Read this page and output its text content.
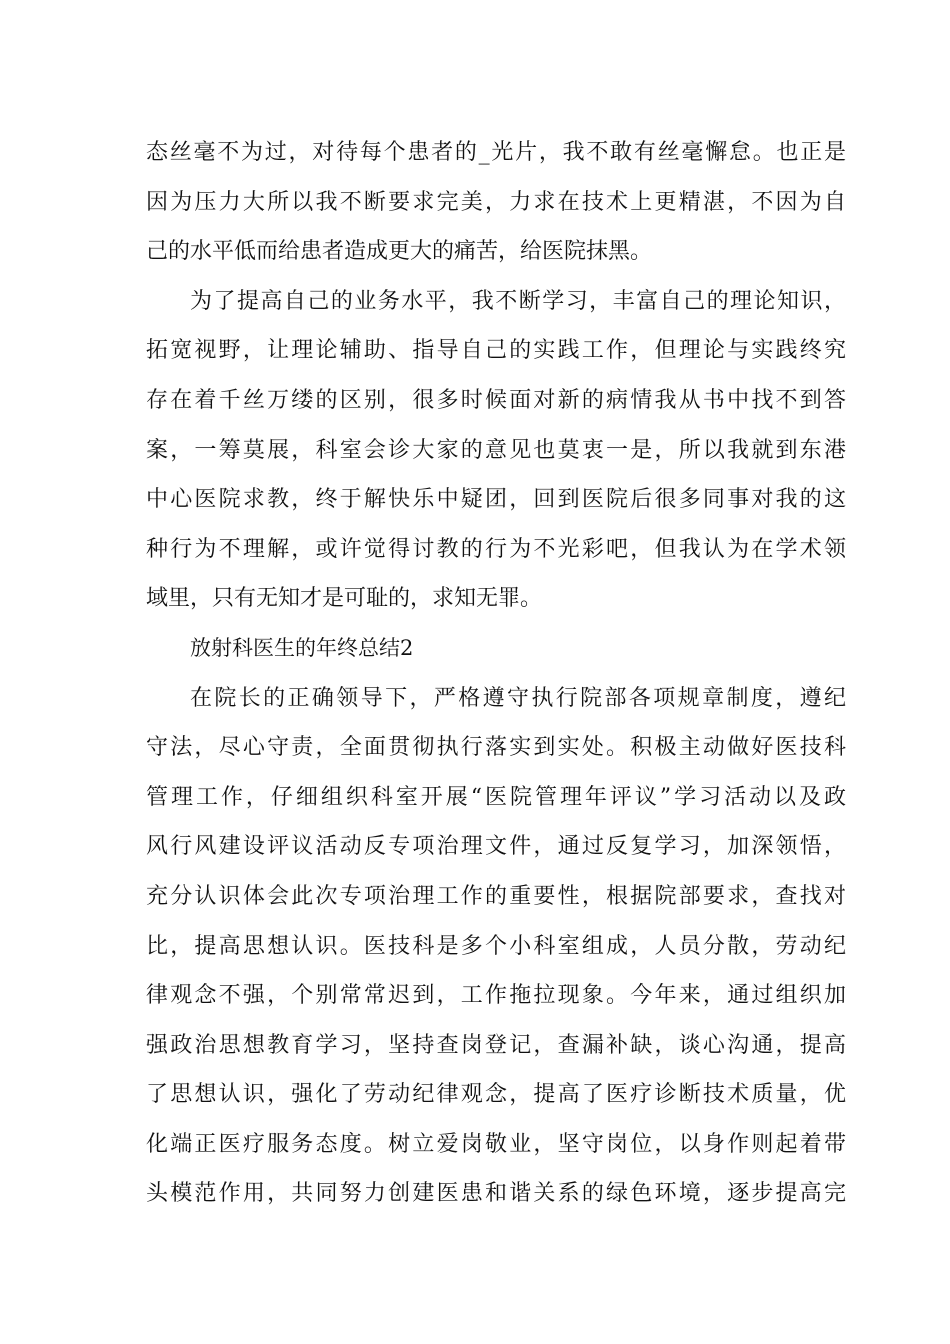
态丝毫不为过，对待每个患者的_光片，我不敢有丝毫懈怠。也正是
因为压力大所以我不断要求完美，力求在技术上更精湛，不因为自
己的水平低而给患者造成更大的痛苦，给医院抹黑。
为了提高自己的业务水平，我不断学习，丰富自己的理论知识，
拓宽视野，让理论辅助、指导自己的实践工作，但理论与实践终究
存在着千丝万缕的区别，很多时候面对新的病情我从书中找不到答
案，一筹莫展，科室会诊大家的意见也莫衷一是，所以我就到东港
中心医院求教，终于解快乐中疑团，回到医院后很多同事对我的这
种行为不理解，或许觉得讨教的行为不光彩吧，但我认为在学术领
域里，只有无知才是可耻的，求知无罪。
放射科医生的年终总结2
在院长的正确领导下，严格遵守执行院部各项规章制度，遵纪
守法，尽心守责，全面贯彻执行落实到实处。积极主动做好医技科
管理工作，仔细组织科室开展“医院管理年评议”学习活动以及政
风行风建设评议活动反专项治理文件，通过反复学习，加深领悟，
充分认识体会此次专项治理工作的重要性，根据院部要求，查找对
比，提高思想认识。医技科是多个小科室组成，人员分散，劳动纪
律观念不强，个别常常迟到，工作拖拉现象。今年来，通过组织加
强政治思想教育学习，坚持查岗登记，查漏补缺，谈心沟通，提高
了思想认识，强化了劳动纪律观念，提高了医疗诊断技术质量，优
化端正医疗服务态度。树立爱岗敬业，坚守岗位，以身作则起着带
头模范作用，共同努力创建医患和谐关系的绿色环境，逐步提高完
